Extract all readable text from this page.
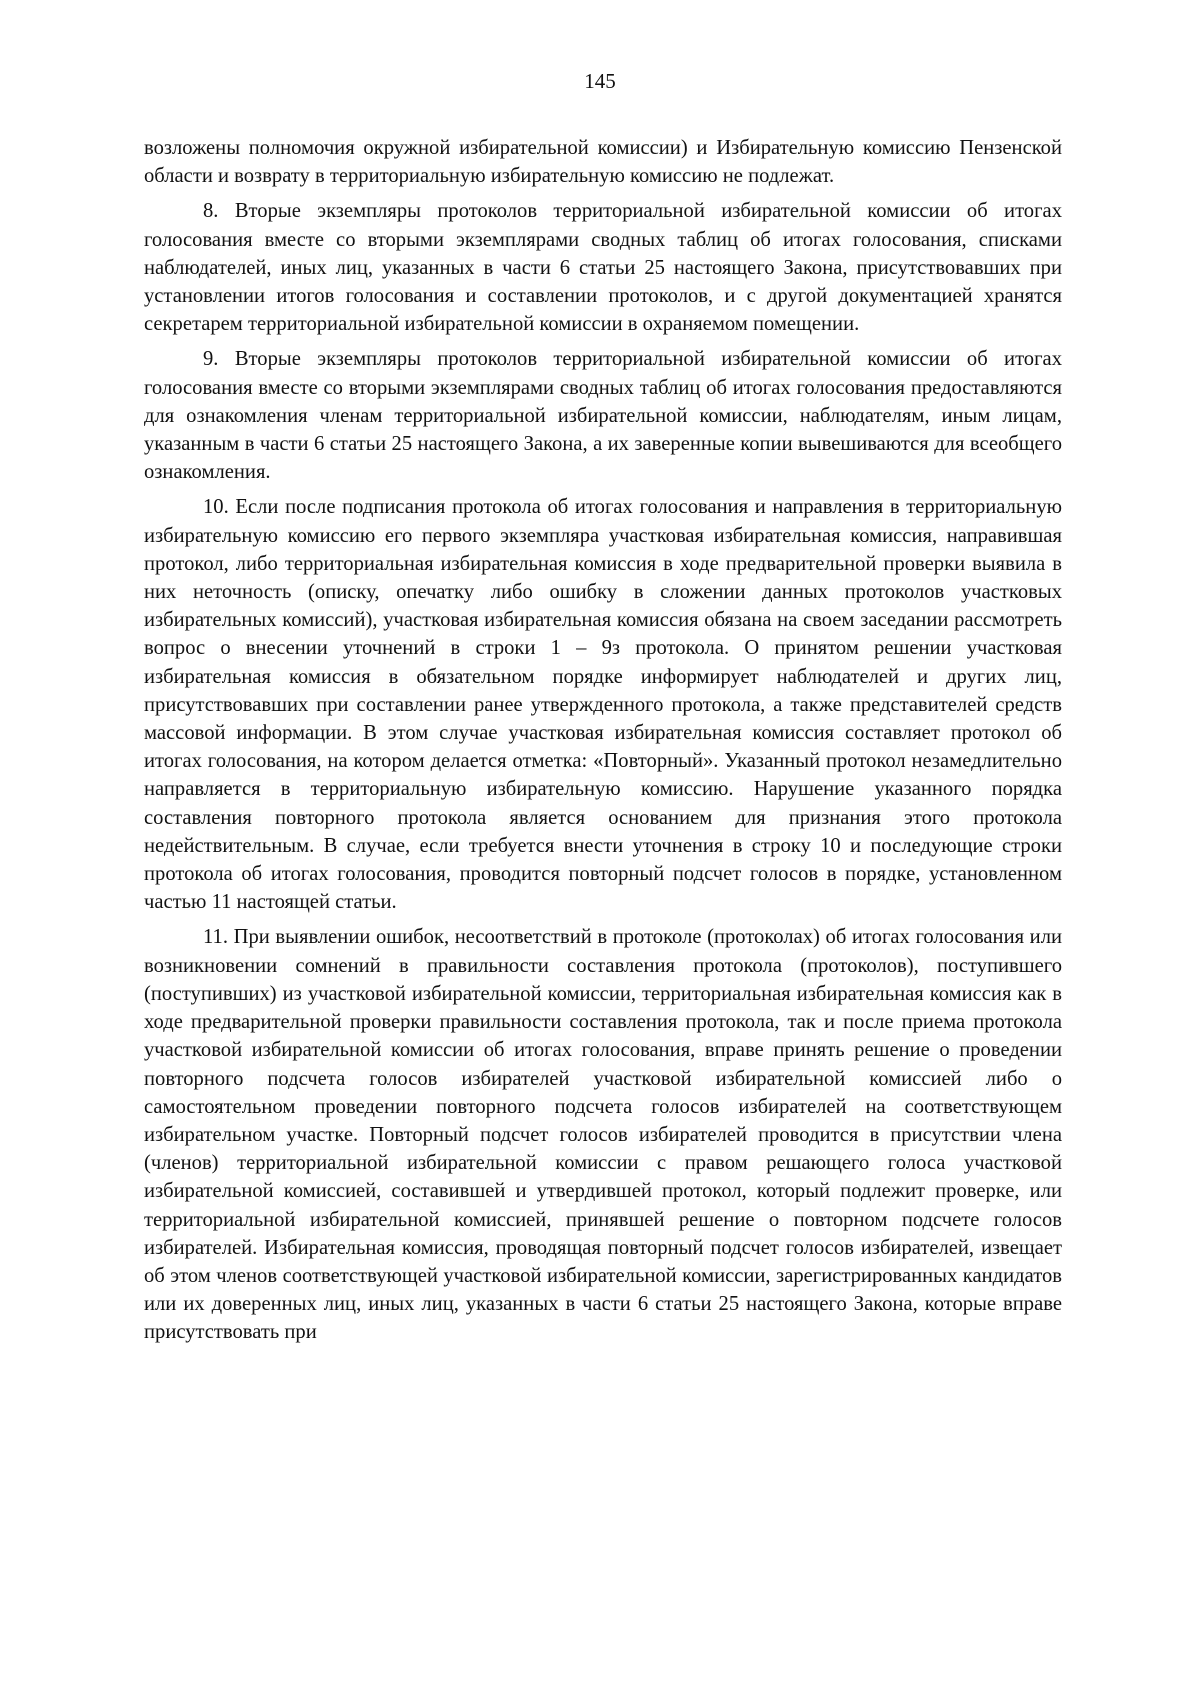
145

возложены полномочия окружной избирательной комиссии) и Избирательную комиссию Пензенской области и возврату в территориальную избирательную комиссию не подлежат.

8. Вторые экземпляры протоколов территориальной избирательной комиссии об итогах голосования вместе со вторыми экземплярами сводных таблиц об итогах голосования, списками наблюдателей, иных лиц, указанных в части 6 статьи 25 настоящего Закона, присутствовавших при установлении итогов голосования и составлении протоколов, и с другой документацией хранятся секретарем территориальной избирательной комиссии в охраняемом помещении.

9. Вторые экземпляры протоколов территориальной избирательной комиссии об итогах голосования вместе со вторыми экземплярами сводных таблиц об итогах голосования предоставляются для ознакомления членам территориальной избирательной комиссии, наблюдателям, иным лицам, указанным в части 6 статьи 25 настоящего Закона, а их заверенные копии вывешиваются для всеобщего ознакомления.

10. Если после подписания протокола об итогах голосования и направления в территориальную избирательную комиссию его первого экземпляра участковая избирательная комиссия, направившая протокол, либо территориальная избирательная комиссия в ходе предварительной проверки выявила в них неточность (описку, опечатку либо ошибку в сложении данных протоколов участковых избирательных комиссий), участковая избирательная комиссия обязана на своем заседании рассмотреть вопрос о внесении уточнений в строки 1 – 9з протокола. О принятом решении участковая избирательная комиссия в обязательном порядке информирует наблюдателей и других лиц, присутствовавших при составлении ранее утвержденного протокола, а также представителей средств массовой информации. В этом случае участковая избирательная комиссия составляет протокол об итогах голосования, на котором делается отметка: «Повторный». Указанный протокол незамедлительно направляется в территориальную избирательную комиссию. Нарушение указанного порядка составления повторного протокола является основанием для признания этого протокола недействительным. В случае, если требуется внести уточнения в строку 10 и последующие строки протокола об итогах голосования, проводится повторный подсчет голосов в порядке, установленном частью 11 настоящей статьи.

11. При выявлении ошибок, несоответствий в протоколе (протоколах) об итогах голосования или возникновении сомнений в правильности составления протокола (протоколов), поступившего (поступивших) из участковой избирательной комиссии, территориальная избирательная комиссия как в ходе предварительной проверки правильности составления протокола, так и после приема протокола участковой избирательной комиссии об итогах голосования, вправе принять решение о проведении повторного подсчета голосов избирателей участковой избирательной комиссией либо о самостоятельном проведении повторного подсчета голосов избирателей на соответствующем избирательном участке. Повторный подсчет голосов избирателей проводится в присутствии члена (членов) территориальной избирательной комиссии с правом решающего голоса участковой избирательной комиссией, составившей и утвердившей протокол, который подлежит проверке, или территориальной избирательной комиссией, принявшей решение о повторном подсчете голосов избирателей. Избирательная комиссия, проводящая повторный подсчет голосов избирателей, извещает об этом членов соответствующей участковой избирательной комиссии, зарегистрированных кандидатов или их доверенных лиц, иных лиц, указанных в части 6 статьи 25 настоящего Закона, которые вправе присутствовать при
